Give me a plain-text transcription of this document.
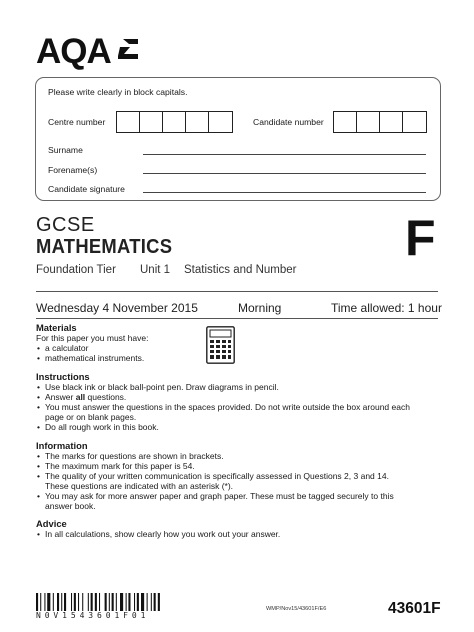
AQA
Please write clearly in block capitals.
Centre number	Candidate number
Surname
Forename(s)
Candidate signature
GCSE
MATHEMATICS	F
Foundation Tier Unit 1 Statistics and Number
Wednesday 4 November 2015	Morning	Time allowed: 1 hour
Materials
For this paper you must have:
• a calculator
• mathematical instruments.
Instructions
• Use black ink or black ball-point pen. Draw diagrams in pencil.
• Answer all questions.
• You must answer the questions in the spaces provided. Do not write outside the box around each
page or on blank pages.
• Do all rough work in this book.
Information
• The marks for questions are shown in brackets.
• The maximum mark for this paper is 54.
• The quality of your written communication is specifically assessed in Questions 2, 3 and 14.
These questions are indicated with an asterisk (*).
• You may ask for more answer paper and graph paper. These must be tagged securely to this
answer book.
Advice
• In all calculations, show clearly how you work out your answer.
N0V1543601F01
WMP/Nov15/43601F/E6	43601F
